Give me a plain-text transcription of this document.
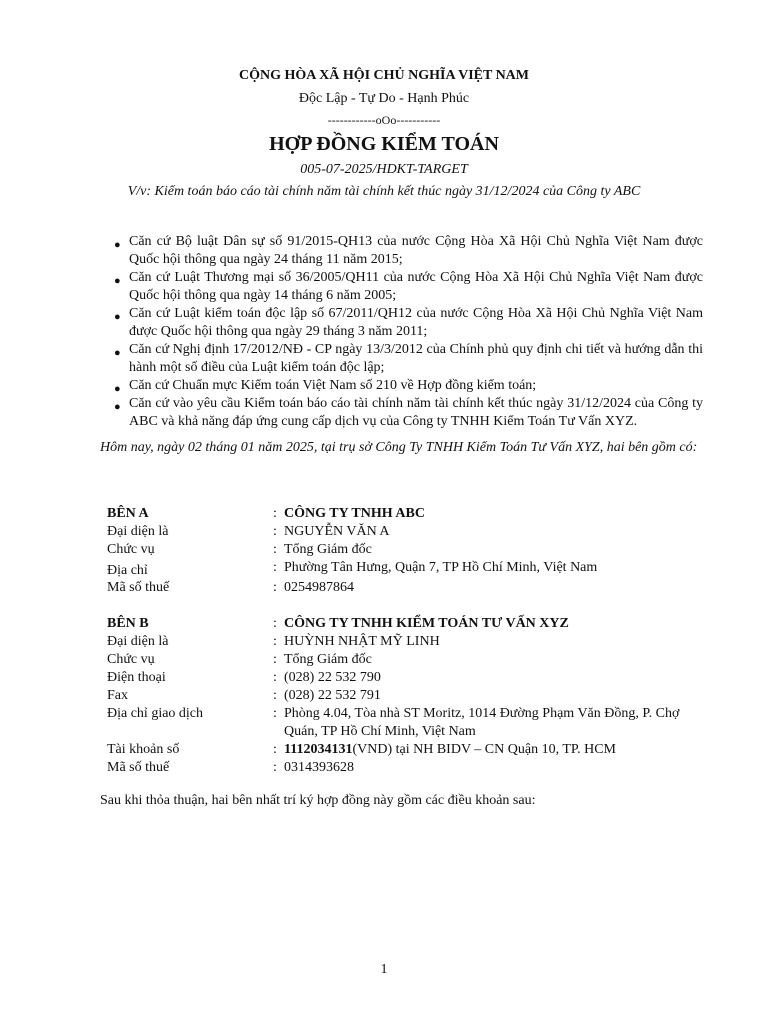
CỘNG HÒA XÃ HỘI CHỦ NGHĨA VIỆT NAM
Độc Lập - Tự Do - Hạnh Phúc
------------oOo-----------
HỢP ĐỒNG KIỂM TOÁN
005-07-2025/HDKT-TARGET
V/v: Kiểm toán báo cáo tài chính năm tài chính kết thúc ngày 31/12/2024 của Công ty ABC
● Căn cứ Bộ luật Dân sự số 91/2015-QH13 của nước Cộng Hòa Xã Hội Chủ Nghĩa Việt Nam được Quốc hội thông qua ngày 24 tháng 11 năm 2015;
● Căn cứ Luật Thương mại số 36/2005/QH11 của nước Cộng Hòa Xã Hội Chủ Nghĩa Việt Nam được Quốc hội thông qua ngày 14 tháng 6 năm 2005;
● Căn cứ Luật kiểm toán độc lập số 67/2011/QH12 của nước Cộng Hòa Xã Hội Chủ Nghĩa Việt Nam được Quốc hội thông qua ngày 29 tháng 3 năm 2011;
● Căn cứ Nghị định 17/2012/NĐ - CP ngày 13/3/2012 của Chính phủ quy định chi tiết và hướng dẫn thi hành một số điều của Luật kiểm toán độc lập;
● Căn cứ Chuẩn mực Kiểm toán Việt Nam số 210 về Hợp đồng kiểm toán;
● Căn cứ vào yêu cầu Kiểm toán báo cáo tài chính năm tài chính kết thúc ngày 31/12/2024 của Công ty ABC và khả năng đáp ứng cung cấp dịch vụ của Công ty TNHH Kiểm Toán Tư Vấn XYZ.
Hôm nay, ngày 02 tháng 01 năm 2025, tại trụ sở Công Ty TNHH Kiểm Toán Tư Vấn XYZ, hai bên gồm có:
BÊN A	: CÔNG TY TNHH ABC
Đại diện là	: NGUYỄN VĂN A
Chức vụ	: Tổng Giám đốc
Địa chỉ	: Phường Tân Hưng, Quận 7, TP Hồ Chí Minh, Việt Nam
Mã số thuế	: 0254987864
BÊN B	: CÔNG TY TNHH KIỂM TOÁN TƯ VẤN XYZ
Đại diện là	: HUỲNH NHẬT MỸ LINH
Chức vụ	: Tổng Giám đốc
Điện thoại	: (028) 22 532 790
Fax	: (028) 22 532 791
Địa chỉ giao dịch	: Phòng 4.04, Tòa nhà ST Moritz, 1014 Đường Phạm Văn Đồng, P. Chợ Quán, TP Hồ Chí Minh, Việt Nam
Tài khoản số	: 1112034131(VND) tại NH BIDV – CN Quận 10, TP. HCM
Mã số thuế	: 0314393628
Sau khi thỏa thuận, hai bên nhất trí ký hợp đồng này gồm các điều khoản sau:
1
